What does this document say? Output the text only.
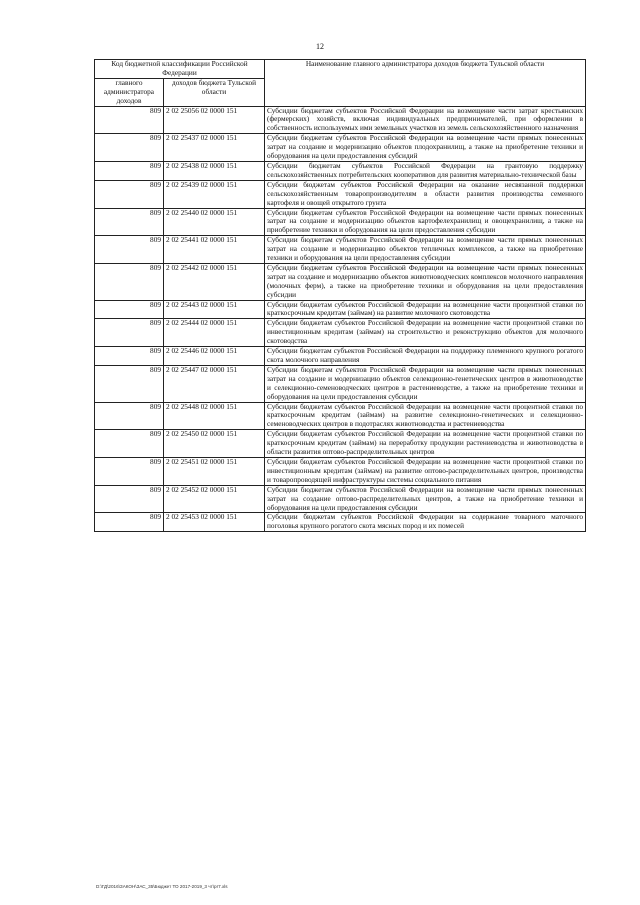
12
Код бюджетной классификации Российской Федерации		Наименование главного администратора доходов бюджета Тульской области
главного администратора доходов	доходов бюджета Тульской области	
809	2 02 25056 02 0000 151	Субсидии бюджетам субъектов Российской Федерации на возмещение части затрат крестьянских (фермерских) хозяйств, включая индивидуальных предпринимателей, при оформлении в собственность используемых ими земельных участков из земель сельскохозяйственного назначения
809	2 02 25437 02 0000 151	Субсидии бюджетам субъектов Российской Федерации на возмещение части прямых понесенных затрат на создание и модернизацию объектов плодохранилищ, а также на приобретение техники и оборудования на цели предоставления субсидий
809	2 02 25438 02 0000 151	Субсидии бюджетам субъектов Российской Федерации на грантовую поддержку сельскохозяйственных потребительских кооперативов для развития материально-технической базы
809	2 02 25439 02 0000 151	Субсидии бюджетам субъектов Российской Федерации на оказание несвязанной поддержки сельскохозяйственным товаропроизводителям в области развития производства семенного картофеля и овощей открытого грунта
809	2 02 25440 02 0000 151	Субсидии бюджетам субъектов Российской Федерации на возмещение части прямых понесенных затрат на создание и модернизацию объектов картофелехранилищ и овощехранилищ, а также на приобретение техники и оборудования на цели предоставления субсидии
809	2 02 25441 02 0000 151	Субсидии бюджетам субъектов Российской Федерации на возмещение части прямых понесенных затрат на создание и модернизацию объектов тепличных комплексов, а также на приобретение техники и оборудования на цели предоставления субсидии
809	2 02 25442 02 0000 151	Субсидии бюджетам субъектов Российской Федерации на возмещение части прямых понесенных затрат на создание и модернизацию объектов животноводческих комплексов молочного направления (молочных ферм), а также на приобретение техники и оборудования на цели предоставления субсидии
809	2 02 25443 02 0000 151	Субсидии бюджетам субъектов Российской Федерации на возмещение части процентной ставки по краткосрочным кредитам (займам) на развитие молочного скотоводства
809	2 02 25444 02 0000 151	Субсидии бюджетам субъектов Российской Федерации на возмещение части процентной ставки по инвестиционным кредитам (займам) на строительство и реконструкцию объектов для молочного скотоводства
809	2 02 25446 02 0000 151	Субсидии бюджетам субъектов Российской Федерации на поддержку племенного крупного рогатого скота молочного направления
809	2 02 25447 02 0000 151	Субсидии бюджетам субъектов Российской Федерации на возмещение части прямых понесенных затрат на создание и модернизацию объектов селекционно-генетических центров в животноводстве и селекционно-семеноводческих центров в растениеводстве, а также на приобретение техники и оборудования на цели предоставления субсидии
809	2 02 25448 02 0000 151	Субсидии бюджетам субъектов Российской Федерации на возмещение части процентной ставки по краткосрочным кредитам (займам) на развитие селекционно-генетических и селекционно-семеноводческих центров в подотраслях животноводства и растениеводства
809	2 02 25450 02 0000 151	Субсидии бюджетам субъектов Российской Федерации на возмещение части процентной ставки по краткосрочным кредитам (займам) на переработку продукции растениеводства и животноводства в области развития оптово-распределительных центров
809	2 02 25451 02 0000 151	Субсидии бюджетам субъектов Российской Федерации на возмещение части процентной ставки по инвестиционным кредитам (займам) на развитие оптово-распределительных центров, производства и товаропроводящей инфраструктуры системы социального питания
809	2 02 25452 02 0000 151	Субсидии бюджетам субъектов Российской Федерации на возмещение части прямых понесенных затрат на создание оптово-распределительных центров, а также на приобретение техники и оборудования на цели предоставления субсидии
809	2 02 25453 02 0000 151	Субсидии бюджетам субъектов Российской Федерации на содержание товарного маточного поголовья крупного рогатого скота мясных пород и их помесей
D:\ГД\2016\ЗАКОН\ЗАС_35\Бюджет ТО 2017-2019_3 чт\pr7.xls
